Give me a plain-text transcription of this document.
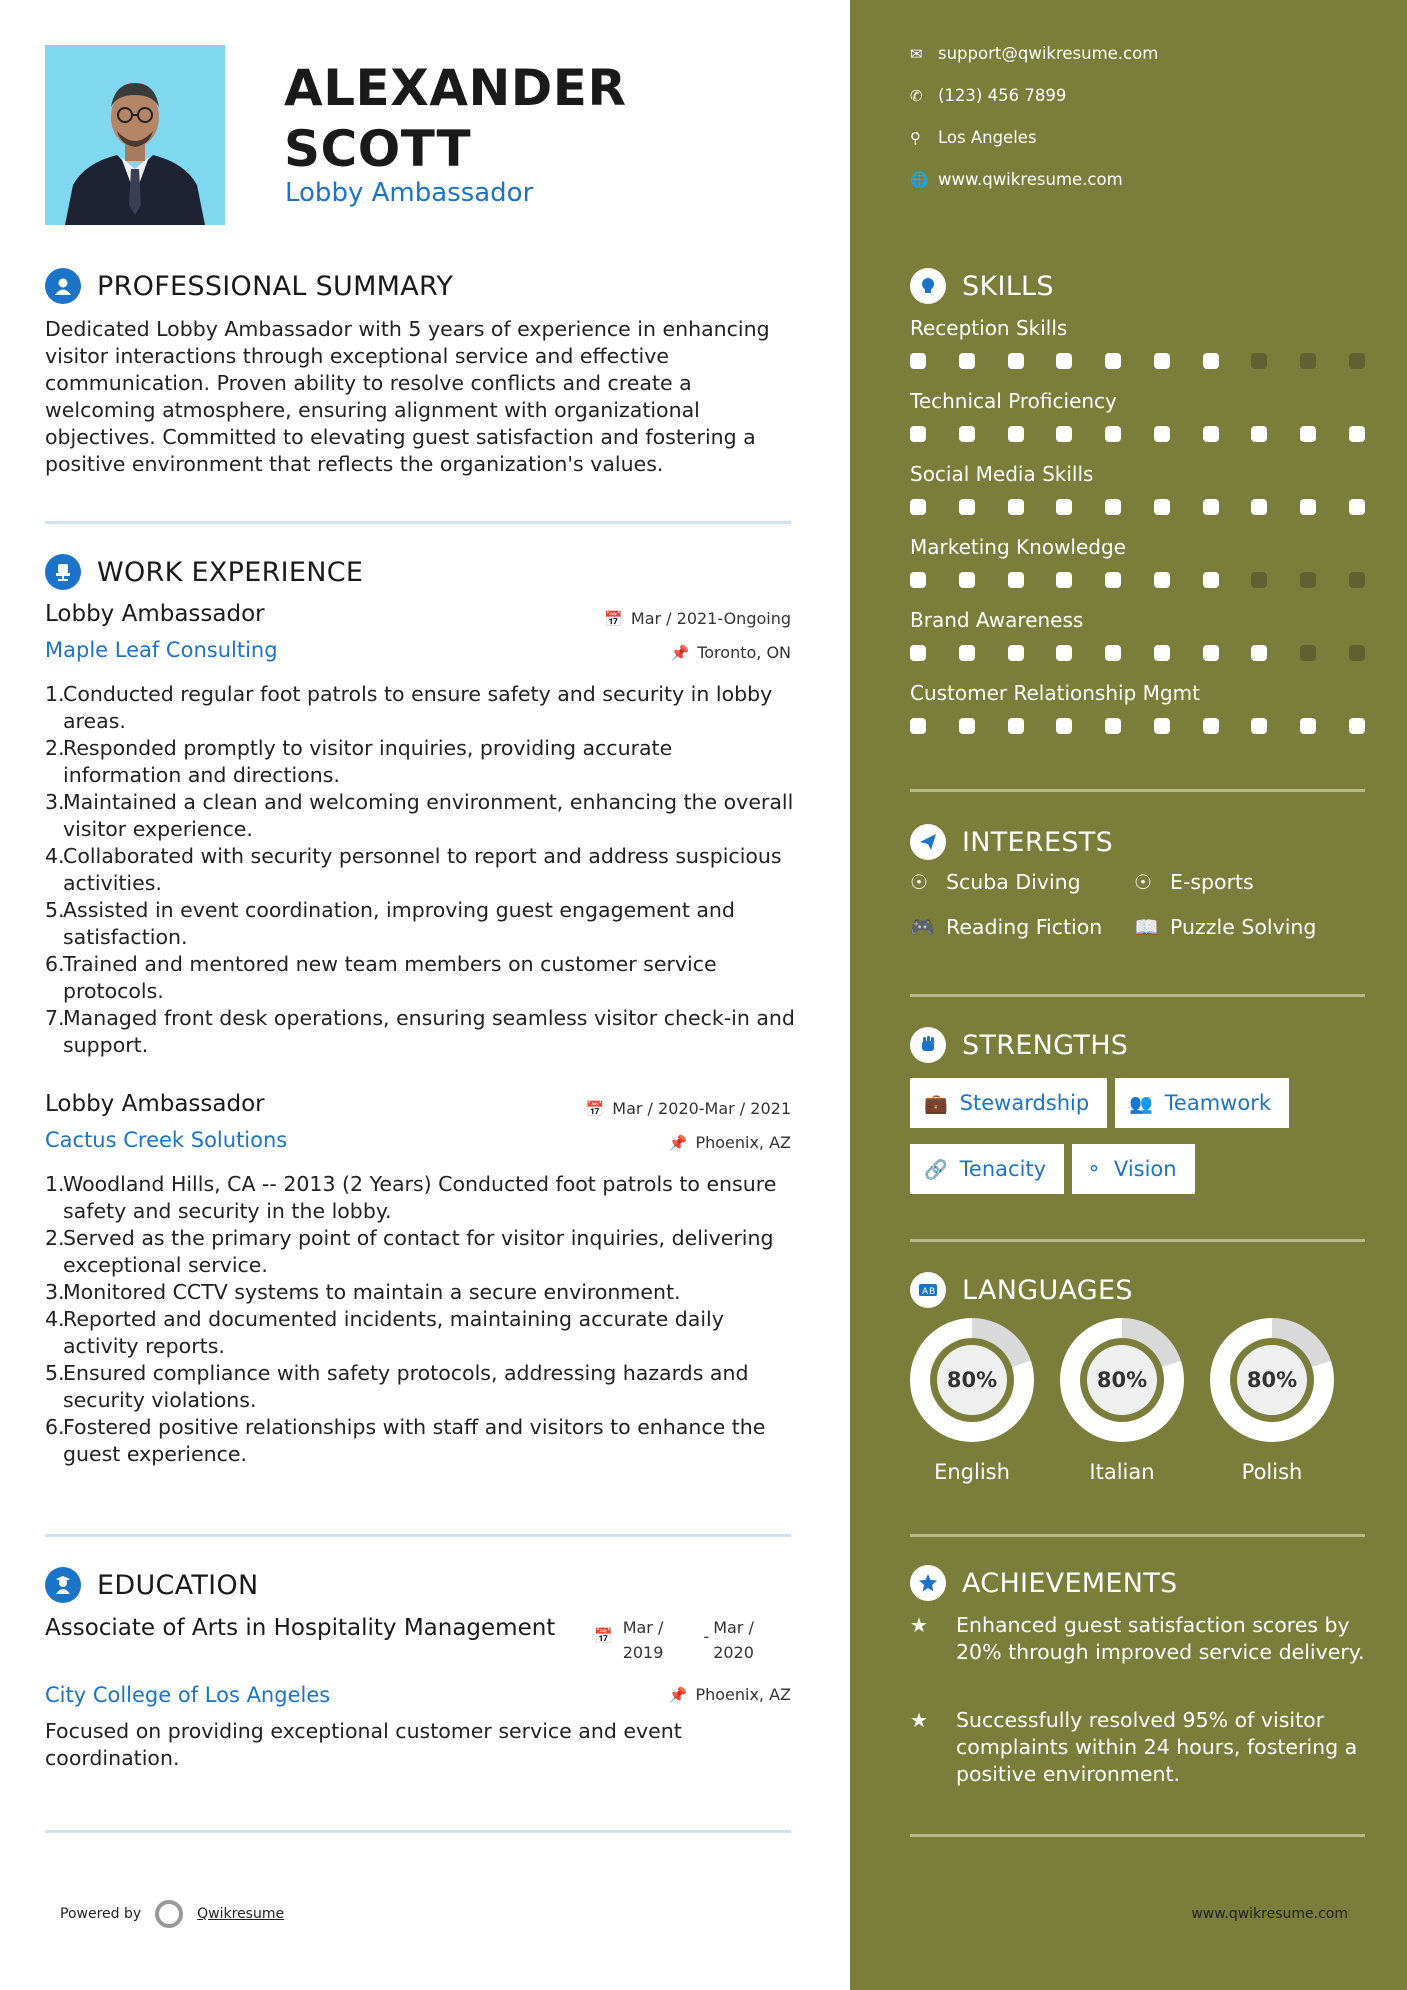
ALEXANDER
SCOTT
Lobby Ambassador
PROFESSIONAL SUMMARY
Dedicated Lobby Ambassador with 5 years of experience in enhancing visitor interactions through exceptional service and effective communication. Proven ability to resolve conflicts and create a welcoming atmosphere, ensuring alignment with organizational objectives. Committed to elevating guest satisfaction and fostering a positive environment that reflects the organization's values.
WORK EXPERIENCE
Lobby Ambassador	📅 Mar / 2021-Ongoing
Maple Leaf Consulting	📌 Toronto, ON
1.
Conducted regular foot patrols to ensure safety and security in lobby areas.
2.
Responded promptly to visitor inquiries, providing accurate information and directions.
3.
Maintained a clean and welcoming environment, enhancing the overall visitor experience.
4.
Collaborated with security personnel to report and address suspicious activities.
5.
Assisted in event coordination, improving guest engagement and satisfaction.
6.
Trained and mentored new team members on customer service protocols.
7.
Managed front desk operations, ensuring seamless visitor check-in and support.
Lobby Ambassador	📅 Mar / 2020-Mar / 2021
Cactus Creek Solutions	📌 Phoenix, AZ
1.
Woodland Hills, CA -- 2013 (2 Years) Conducted foot patrols to ensure safety and security in the lobby.
2.
Served as the primary point of contact for visitor inquiries, delivering exceptional service.
3.
Monitored CCTV systems to maintain a secure environment.
4.
Reported and documented incidents, maintaining accurate daily activity reports.
5.
Ensured compliance with safety protocols, addressing hazards and security violations.
6.
Fostered positive relationships with staff and visitors to enhance the guest experience.
EDUCATION
Associate of Arts in Hospitality Management	📅 Mar /
2019
- Mar /
2020
City College of Los Angeles	📌 Phoenix, AZ
Focused on providing exceptional customer service and event coordination.
Powered by	Qwikresume
✉ support@qwikresume.com
✆ (123) 456 7899
⚲	Los Angeles
🌐 www.qwikresume.com
SKILLS
Reception Skills
Technical Proficiency
Social Media Skills
Marketing Knowledge
Brand Awareness
Customer Relationship Mgmt
INTERESTS
☉ Scuba Diving	☉ E-sports
🎮 Reading Fiction 📖 Puzzle Solving
STRENGTHS
💼 Stewardship 👥 Teamwork
🔗 Tenacity ⚬ Vision
A B LANGUAGES
80%
English
80%
Italian
80%
Polish
ACHIEVEMENTS
★	Enhanced guest satisfaction scores by 20% through improved service delivery.
★	Successfully resolved 95% of visitor complaints within 24 hours, fostering a positive environment.
www.qwikresume.com
